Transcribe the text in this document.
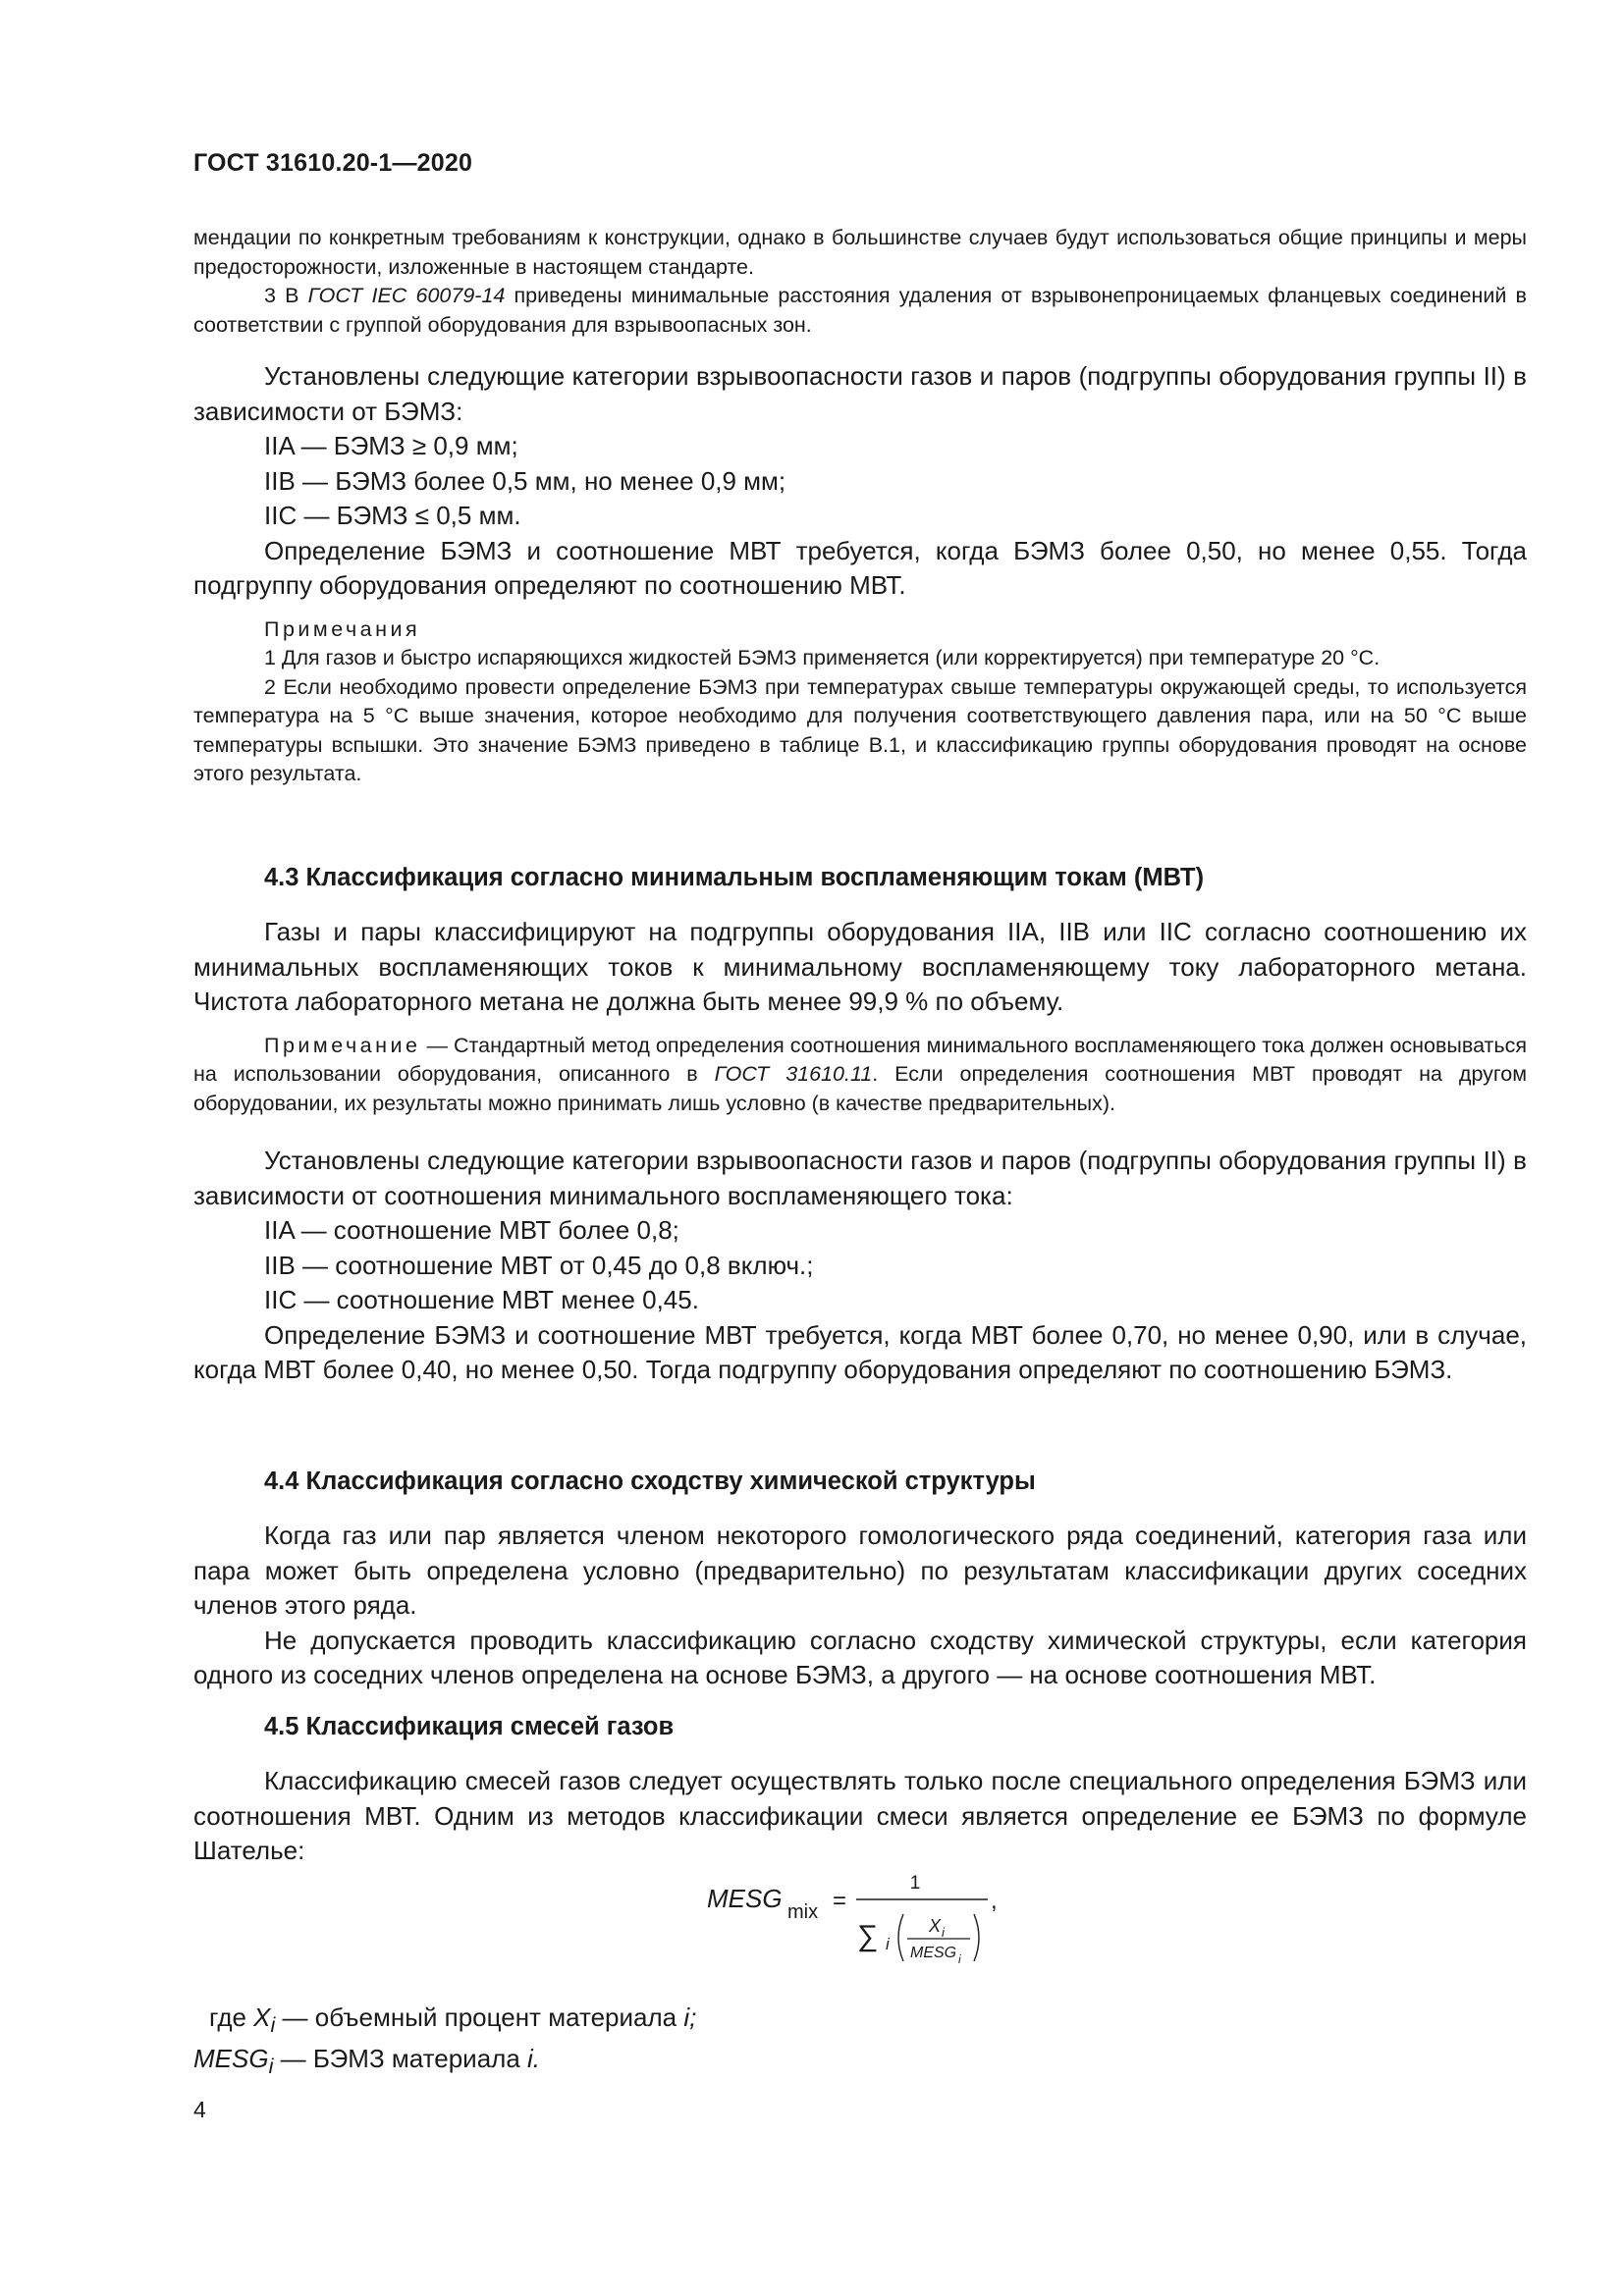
ГОСТ 31610.20-1—2020

мендации по конкретным требованиям к конструкции, однако в большинстве случаев будут использоваться общие принципы и меры предосторожности, изложенные в настоящем стандарте.

3 В ГОСТ IEC 60079-14 приведены минимальные расстояния удаления от взрывонепроницаемых фланцевых соединений в соответствии с группой оборудования для взрывоопасных зон.

Установлены следующие категории взрывоопасности газов и паров (подгруппы оборудования группы II) в зависимости от БЭМЗ:

IIA — БЭМЗ ≥ 0,9 мм;

IIB — БЭМЗ более 0,5 мм, но менее 0,9 мм;

IIC — БЭМЗ ≤ 0,5 мм.

Определение БЭМЗ и соотношение МВТ требуется, когда БЭМЗ более 0,50, но менее 0,55. Тогда подгруппу оборудования определяют по соотношению МВТ.

Примечания

1 Для газов и быстро испаряющихся жидкостей БЭМЗ применяется (или корректируется) при температуре 20 °C.

2 Если необходимо провести определение БЭМЗ при температурах свыше температуры окружающей среды, то используется температура на 5 °C выше значения, которое необходимо для получения соответствующего давления пара, или на 50 °C выше температуры вспышки. Это значение БЭМЗ приведено в таблице В.1, и классификацию группы оборудования проводят на основе этого результата.

4.3 Классификация согласно минимальным воспламеняющим токам (МВТ)

Газы и пары классифицируют на подгруппы оборудования IIA, IIB или IIC согласно соотношению их минимальных воспламеняющих токов к минимальному воспламеняющему току лабораторного метана. Чистота лабораторного метана не должна быть менее 99,9 % по объему.

Примечание — Стандартный метод определения соотношения минимального воспламеняющего тока должен основываться на использовании оборудования, описанного в ГОСТ 31610.11. Если определения соотношения МВТ проводят на другом оборудовании, их результаты можно принимать лишь условно (в качестве предварительных).

Установлены следующие категории взрывоопасности газов и паров (подгруппы оборудования группы II) в зависимости от соотношения минимального воспламеняющего тока:

IIA — соотношение МВТ более 0,8;

IIB — соотношение МВТ от 0,45 до 0,8 включ.;

IIC — соотношение МВТ менее 0,45.

Определение БЭМЗ и соотношение МВТ требуется, когда МВТ более 0,70, но менее 0,90, или в случае, когда МВТ более 0,40, но менее 0,50. Тогда подгруппу оборудования определяют по соотношению БЭМЗ.

4.4 Классификация согласно сходству химической структуры

Когда газ или пар является членом некоторого гомологического ряда соединений, категория газа или пара может быть определена условно (предварительно) по результатам классификации других соседних членов этого ряда.

Не допускается проводить классификацию согласно сходству химической структуры, если категория одного из соседних членов определена на основе БЭМЗ, а другого — на основе соотношения МВТ.

4.5 Классификация смесей газов

Классификацию смесей газов следует осуществлять только после специального определения БЭМЗ или соотношения МВТ. Одним из методов классификации смеси является определение ее БЭМЗ по формуле Шателье:

MESG mix =
1
∑ i
X i
MESG i
,
где $X_i$ — объемный процент материала i;
$MESG_i$ — БЭМЗ материала i.
4
